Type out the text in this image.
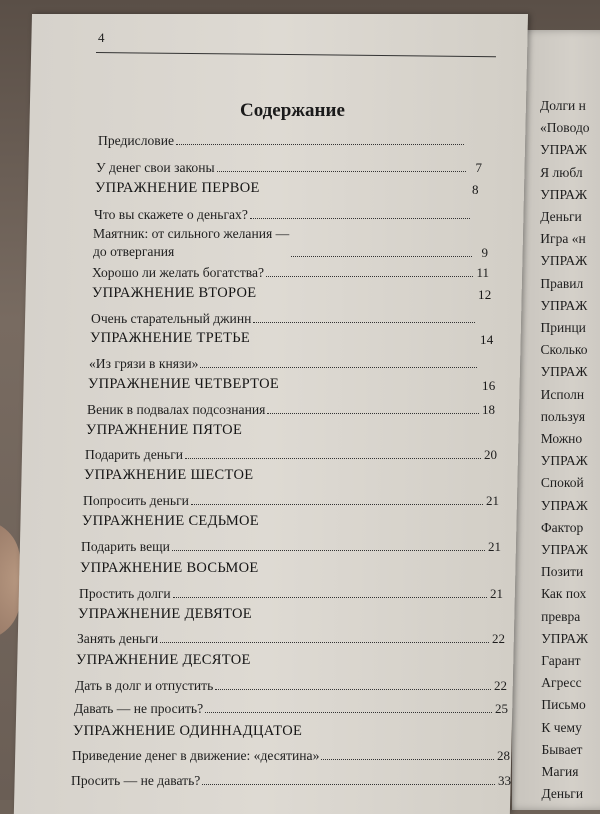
4
Содержание
Предисловие
У денег свои законы	7
УПРАЖНЕНИЕ ПЕРВОЕ	8
Что вы скажете о деньгах?
Маятник: от сильного желания —
до отвергания	9
Хорошо ли желать богатства?	11
УПРАЖНЕНИЕ ВТОРОЕ	12
Очень старательный джинн
УПРАЖНЕНИЕ ТРЕТЬЕ	14
«Из грязи в князи»
УПРАЖНЕНИЕ ЧЕТВЕРТОЕ	16
Веник в подвалах подсознания	18
УПРАЖНЕНИЕ ПЯТОЕ
Подарить деньги	20
УПРАЖНЕНИЕ ШЕСТОЕ
Попросить деньги	21
УПРАЖНЕНИЕ СЕДЬМОЕ
Подарить вещи	21
УПРАЖНЕНИЕ ВОСЬМОЕ
Простить долги	21
УПРАЖНЕНИЕ ДЕВЯТОЕ
Занять деньги	22
УПРАЖНЕНИЕ ДЕСЯТОЕ
Дать в долг и отпустить	22
Давать — не просить?	25
УПРАЖНЕНИЕ ОДИННАДЦАТОЕ
Приведение денег в движение: «десятина»	28
Просить — не давать?	33
Долги н
«Поводо
УПРАЖ
Я любл
УПРАЖ
Деньги
Игра «н
УПРАЖ
Правил
УПРАЖ
Принци
Сколько
УПРАЖ
Исполн
пользуя
Можно
УПРАЖ
Спокой
УПРАЖ
Фактор
УПРАЖ
Позити
Как пох
превра
УПРАЖ
Гарант
Агресс
Письмо
К чему
Бывает
Магия
Деньги
